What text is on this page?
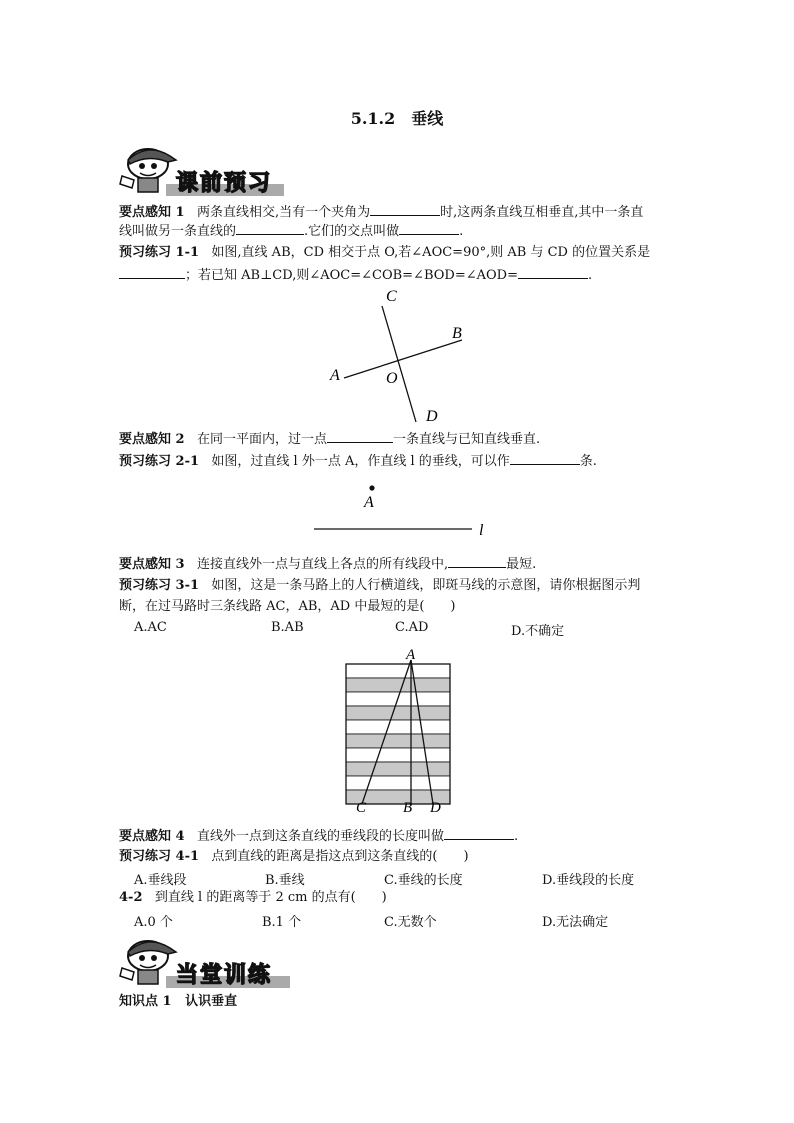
5.1.2　垂线
课前预习
要点感知 1 两条直线相交,当有一个夹角为	时,这两条直线互相垂直,其中一条直
线叫做另一条直线的	.它们的交点叫做	.
预习练习 1-1 如图,直线 AB，CD 相交于点 O,若∠AOC=90°,则 AB 与 CD 的位置关系是
；若已知 AB⊥CD,则∠AOC=∠COB=∠BOD=∠AOD=	.
C
B
A	O
D
要点感知 2 在同一平面内，过一点	一条直线与已知直线垂直.
预习练习 2-1 如图，过直线 l 外一点 A，作直线 l 的垂线，可以作	条.
A
l
要点感知 3 连接直线外一点与直线上各点的所有线段中,	最短.
预习练习 3-1 如图，这是一条马路上的人行横道线，即斑马线的示意图，请你根据图示判
断，在过马路时三条线路 AC，AB，AD 中最短的是(　　)
A.AC	B.AB	C.AD	D.不确定
A
C B D
要点感知 4 直线外一点到这条直线的垂线段的长度叫做	.
预习练习 4-1 点到直线的距离是指这点到这条直线的(　　)
A.垂线段	B.垂线	C.垂线的长度	D.垂线段的长度
4-2 到直线 l 的距离等于 2 cm 的点有(　　)
A.0 个	B.1 个	C.无数个	D.无法确定
当堂训练
知识点 1 认识垂直
